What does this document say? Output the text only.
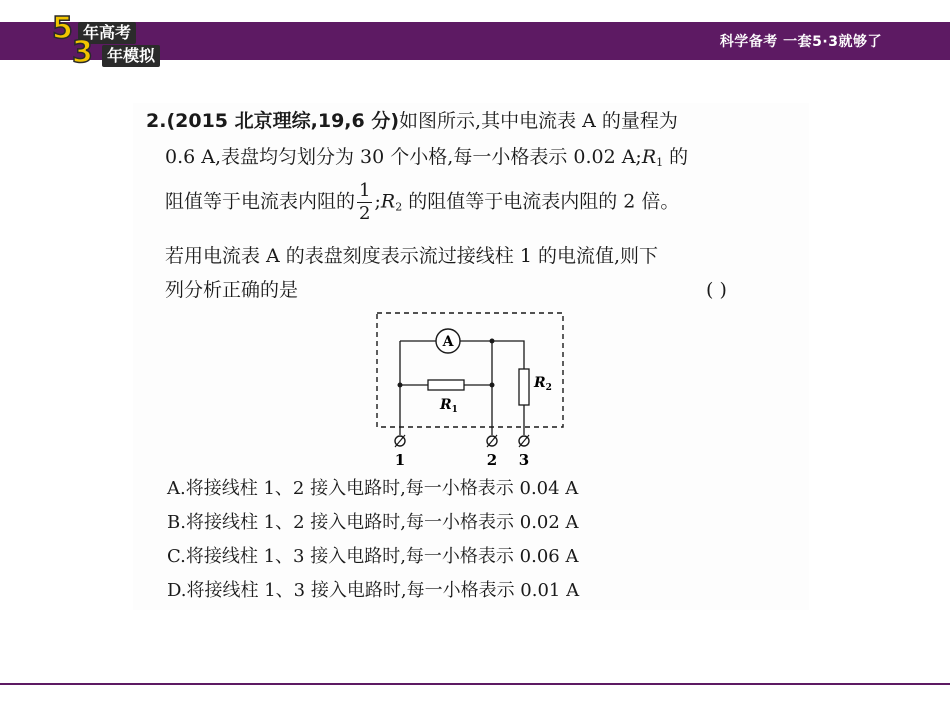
5 年高考
3 年模拟
科学备考 一套5·3就够了
2.(2015 北京理综,19,6 分)如图所示,其中电流表 A 的量程为
0.6 A,表盘均匀划分为 30 个小格,每一小格表示 0.02 $A;R_1$ 的
阻值等于电流表内阻的 $\frac{1}{2}$ $;R_2$ 的阻值等于电流表内阻的 2 倍。
若用电流表 A 的表盘刻度表示流过接线柱 1 的电流值,则下
列分析正确的是	( )
A
$R_1$
$R_2$
1	2 3
A.将接线柱 1、2 接入电路时,每一小格表示 0.04 A
B.将接线柱 1、2 接入电路时,每一小格表示 0.02 A
C.将接线柱 1、3 接入电路时,每一小格表示 0.06 A
D.将接线柱 1、3 接入电路时,每一小格表示 0.01 A
